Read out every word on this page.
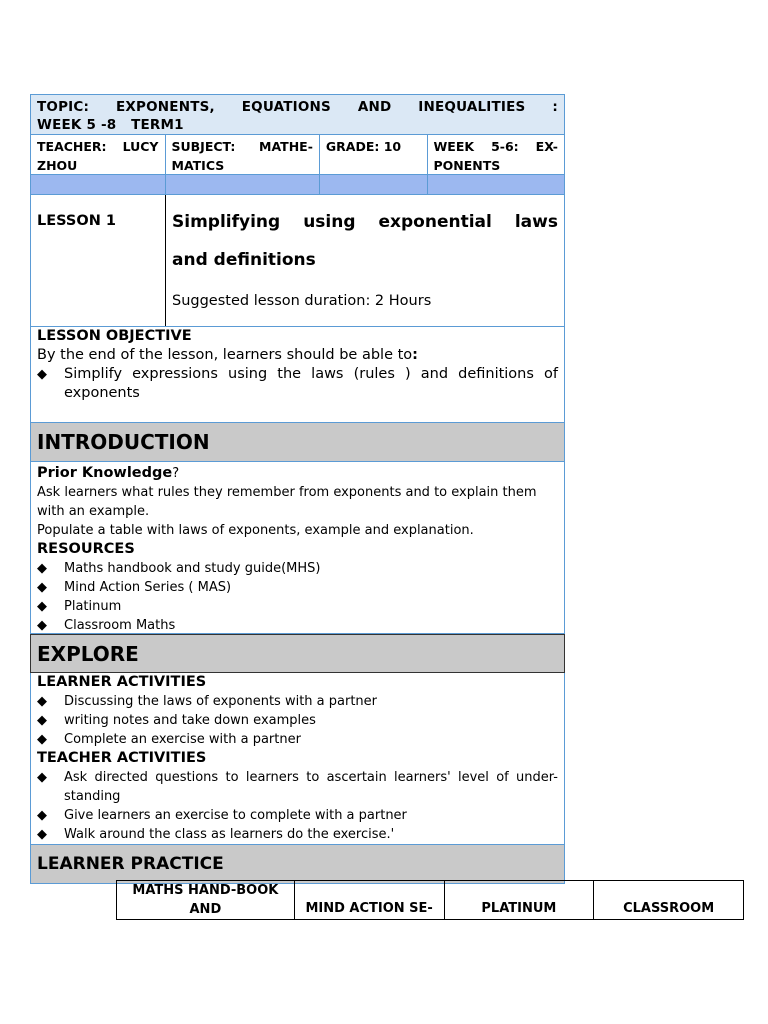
TOPIC: EXPONENTS, EQUATIONS AND INEQUALITIES :
WEEK 5 -8   TERM1
TEACHER: LUCY ZHOU
SUBJECT: MATHE-MATICS
GRADE: 10	WEEK 5-6: EX-PONENTS
LESSON 1	Simplifying using exponential laws
and definitions
Suggested lesson duration: 2 Hours
LESSON OBJECTIVE
By the end of the lesson, learners should be able to:
◆	Simplify expressions using the laws (rules ) and definitions of exponents
INTRODUCTION
Prior Knowledge?
Ask learners what rules they remember from exponents and to explain them with an example.
Populate a table with laws of exponents, example and explanation.
RESOURCES
◆	Maths handbook and study guide(MHS)
◆	Mind Action Series ( MAS)
◆	Platinum
◆	Classroom Maths
EXPLORE
LEARNER ACTIVITIES
◆	Discussing the laws of exponents with a partner
◆	writing notes and take down examples
◆	Complete an exercise with a partner
TEACHER ACTIVITIES
◆	Ask directed questions to learners to ascertain learners' level of under-standing
◆	Give learners an exercise to complete with a partner
◆	Walk around the class as learners do the exercise.'
LEARNER PRACTICE
MATHS HAND-BOOK AND	MIND ACTION SE-	PLATINUM	CLASSROOM
